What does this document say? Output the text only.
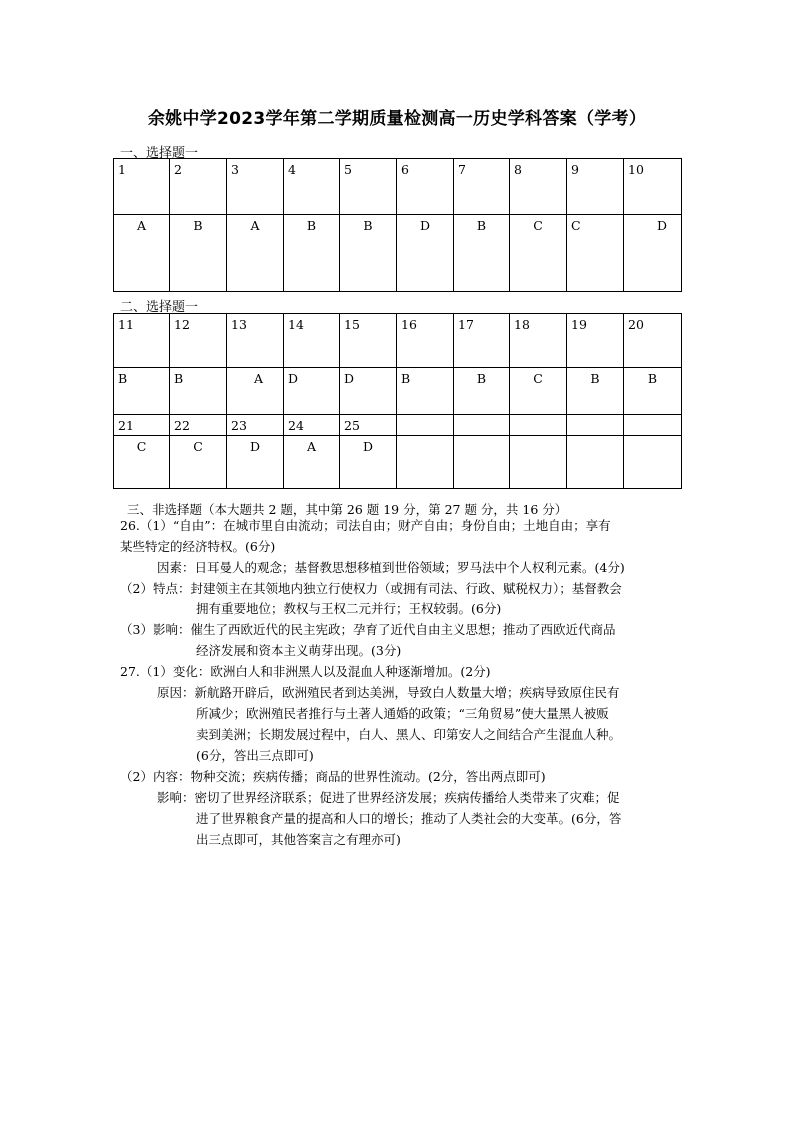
余姚中学2023学年第二学期质量检测高一历史学科答案（学考）
一、选择题一
1	2	3	4	5	6	7	8	9	10
A	B	A	B	B	D	B	C	C	D
二、选择题一
11	12	13	14	15	16	17	18	19	20
B	B	A	D	D	B	B	C	B	B
21	22	23	24	25					
C	C	D	A	D					
三、非选择题（本大题共 2 题，其中第 26 题 19 分，第 27 题 分，共 16 分）
26.（1）“自由”：在城市里自由流动；司法自由；财产自由；身份自由；土地自由；享有
某些特定的经济特权。(6分)
因素：日耳曼人的观念；基督教思想移植到世俗领域；罗马法中个人权利元素。(4分)
（2）特点：封建领主在其领地内独立行使权力（或拥有司法、行政、赋税权力）；基督教会
拥有重要地位；教权与王权二元并行；王权较弱。(6分)
（3）影响：催生了西欧近代的民主宪政；孕育了近代自由主义思想；推动了西欧近代商品
经济发展和资本主义萌芽出现。(3分)
27.（1）变化：欧洲白人和非洲黑人以及混血人种逐渐增加。(2分)
原因：新航路开辟后，欧洲殖民者到达美洲，导致白人数量大增；疾病导致原住民有
所减少；欧洲殖民者推行与土著人通婚的政策；“三角贸易”使大量黑人被贩
卖到美洲；长期发展过程中，白人、黑人、印第安人之间结合产生混血人种。
(6分，答出三点即可)
（2）内容：物种交流；疾病传播；商品的世界性流动。(2分，答出两点即可)
影响：密切了世界经济联系；促进了世界经济发展；疾病传播给人类带来了灾难；促
进了世界粮食产量的提高和人口的增长；推动了人类社会的大变革。(6分，答
出三点即可，其他答案言之有理亦可)
